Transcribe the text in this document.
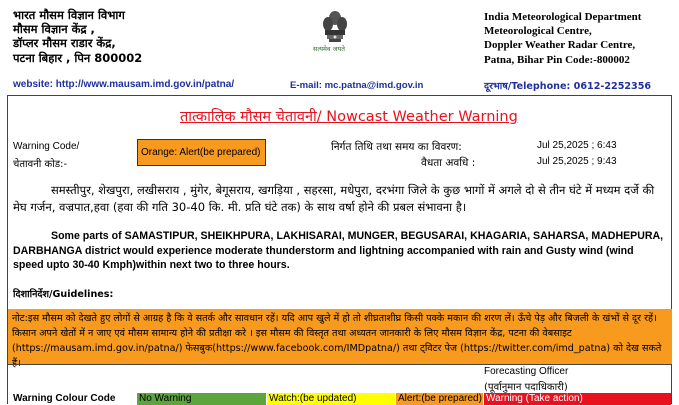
भारत मौसम विज्ञान विभाग
मौसम विज्ञान केंद्र ,
डॉप्लर मौसम राडार केंद्र,
पटना बिहार , पिन 800002
सत्यमेव जयते
India Meteorological Department
Meteorological Centre,
Doppler Weather Radar Centre,
Patna, Bihar Pin Code:-800002
website: http://www.mausam.imd.gov.in/patna/	E-mail: mc.patna@imd.gov.in	दूरभाष/Telephone: 0612-2252356
तात्कालिक मौसम चेतावनी/ Nowcast Weather Warning
Warning Code/
चेतावनी कोड:-
Orange: Alert(be prepared)	निर्गत तिथि तथा समय का विवरण:	Jul 25,2025 ; 6:43
वैधता अवधि :	Jul 25,2025 ; 9:43
समस्तीपुर, शेखपुरा, लखीसराय , मुंगेर, बेगूसराय, खगड़िया , सहरसा, मधेपुरा, दरभंगा जिले के कुछ भागों में अगले दो से तीन घंटे में मध्यम दर्जे की मेघ गर्जन, वज्रपात,हवा (हवा की गति 30-40 कि. मी. प्रति घंटे तक) के साथ वर्षा होने की प्रबल संभावना है।
Some parts of SAMASTIPUR, SHEIKHPURA, LAKHISARAI, MUNGER, BEGUSARAI, KHAGARIA, SAHARSA, MADHEPURA, DARBHANGA district would experience moderate thunderstorm and lightning accompanied with rain and Gusty wind (wind speed upto 30-40 Kmph)within next two to three hours.
दिशानिर्देश/Guidelines:
नोट:इस मौसम को देखते हुए लोगों से आग्रह है कि वे सतर्क और सावधान रहें। यदि आप खुले में हो तो शीघ्रताशीघ्र किसी पक्के मकान की शरण लें। ऊँचे पेड़ और बिजली के खंभों से दूर रहें। किसान अपने खेतों में न जाए एवं मौसम सामान्य होने की प्रतीक्षा करे । इस मौसम की विस्तृत तथा अध्यतन जानकारी के लिए मौसम विज्ञान केंद्र, पटना की वेबसाइट (https://mausam.imd.gov.in/patna/) फेसबुक(https://www.facebook.com/IMDpatna/) तथा ट्विटर पेज (https://twitter.com/imd_patna) को देख सकते
Forecasting Officer
(पूर्वानुमान पदाधिकारी)
Warning Colour Code No Warning	Watch:(be updated)	Alert:(be prepared) Warning (Take action)
